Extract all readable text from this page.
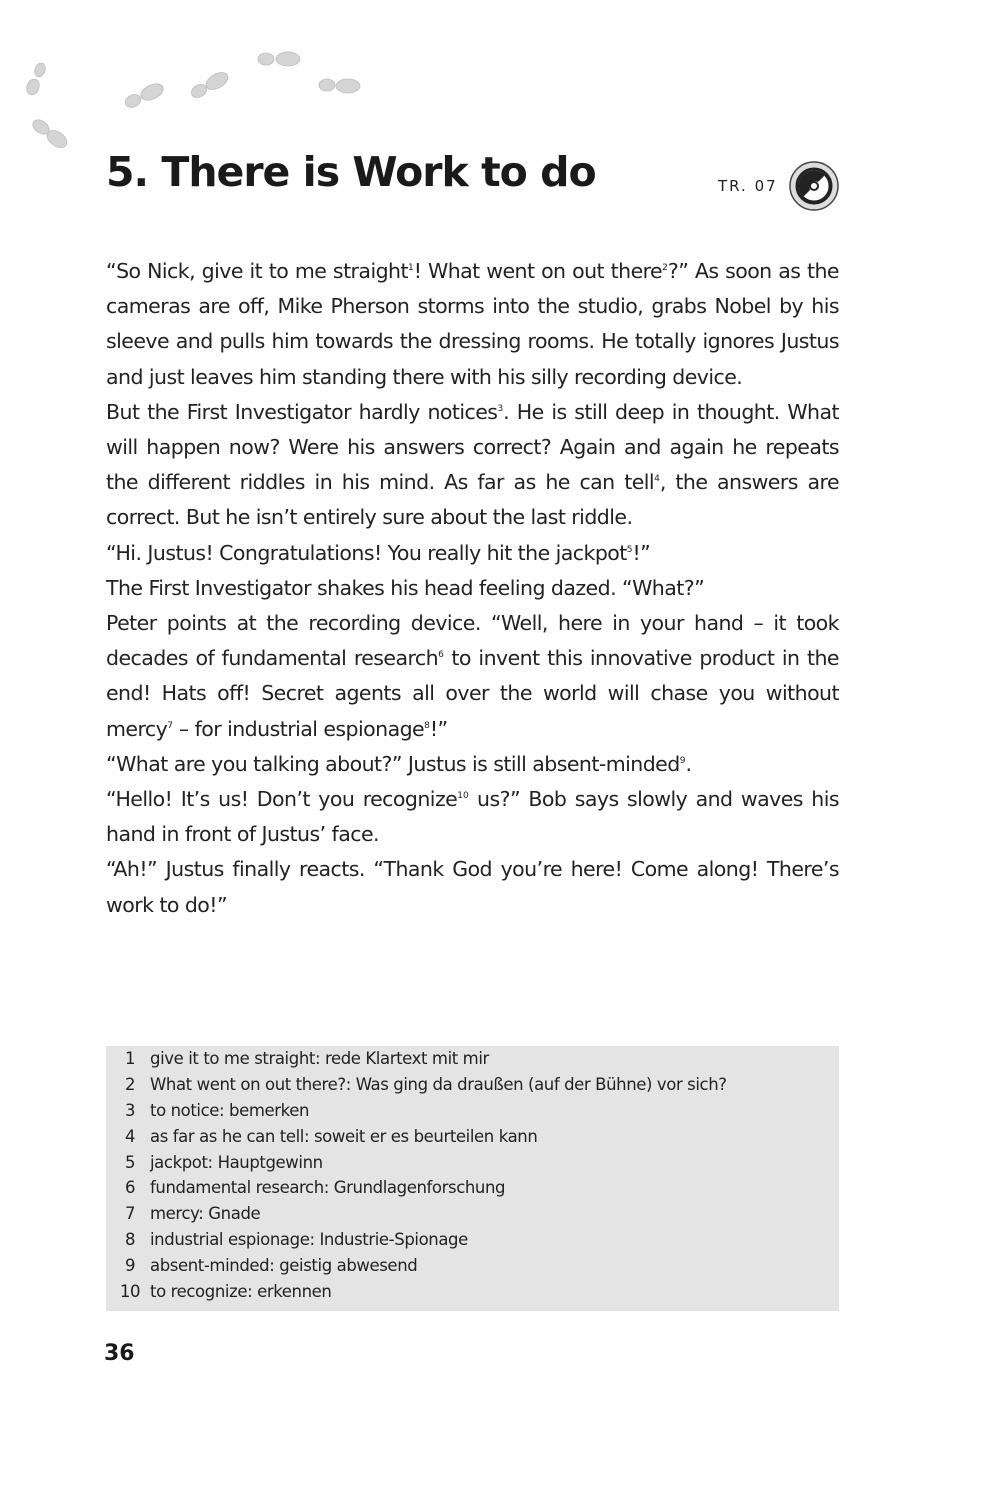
5. There is Work to do	TR. 07

“So Nick, give it to me straight$^1$! What went on out there$^2$?” As soon as the cameras are off, Mike Pherson storms into the studio, grabs Nobel by his sleeve and pulls him towards the dressing rooms. He totally ignores Justus and just leaves him standing there with his silly recording device.

But the First Investigator hardly notices$^3$. He is still deep in thought. What will happen now? Were his answers correct? Again and again he repeats the different riddles in his mind. As far as he can tell$^4$, the answers are correct. But he isn’t entirely sure about the last riddle.

“Hi. Justus! Congratulations! You really hit the jackpot$^5$!”

The First Investigator shakes his head feeling dazed. “What?”

Peter points at the recording device. “Well, here in your hand – it took decades of fundamental research$^6$ to invent this innovative product in the end! Hats off! Secret agents all over the world will chase you without mercy$^7$ – for industrial espionage$^8$!”

“What are you talking about?” Justus is still absent-minded$^9$.

“Hello! It’s us! Don’t you recognize$^{10}$ us?” Bob says slowly and waves his hand in front of Justus’ face.

“Ah!” Justus finally reacts. “Thank God you’re here! Come along! There’s work to do!”

1 give it to me straight: rede Klartext mit mir
2 What went on out there?: Was ging da draußen (auf der Bühne) vor sich?
3 to notice: bemerken
4 as far as he can tell: soweit er es beurteilen kann
5 jackpot: Hauptgewinn
6 fundamental research: Grundlagenforschung
7 mercy: Gnade
8 industrial espionage: Industrie-Spionage
9 absent-minded: geistig abwesend
10 to recognize: erkennen
36
